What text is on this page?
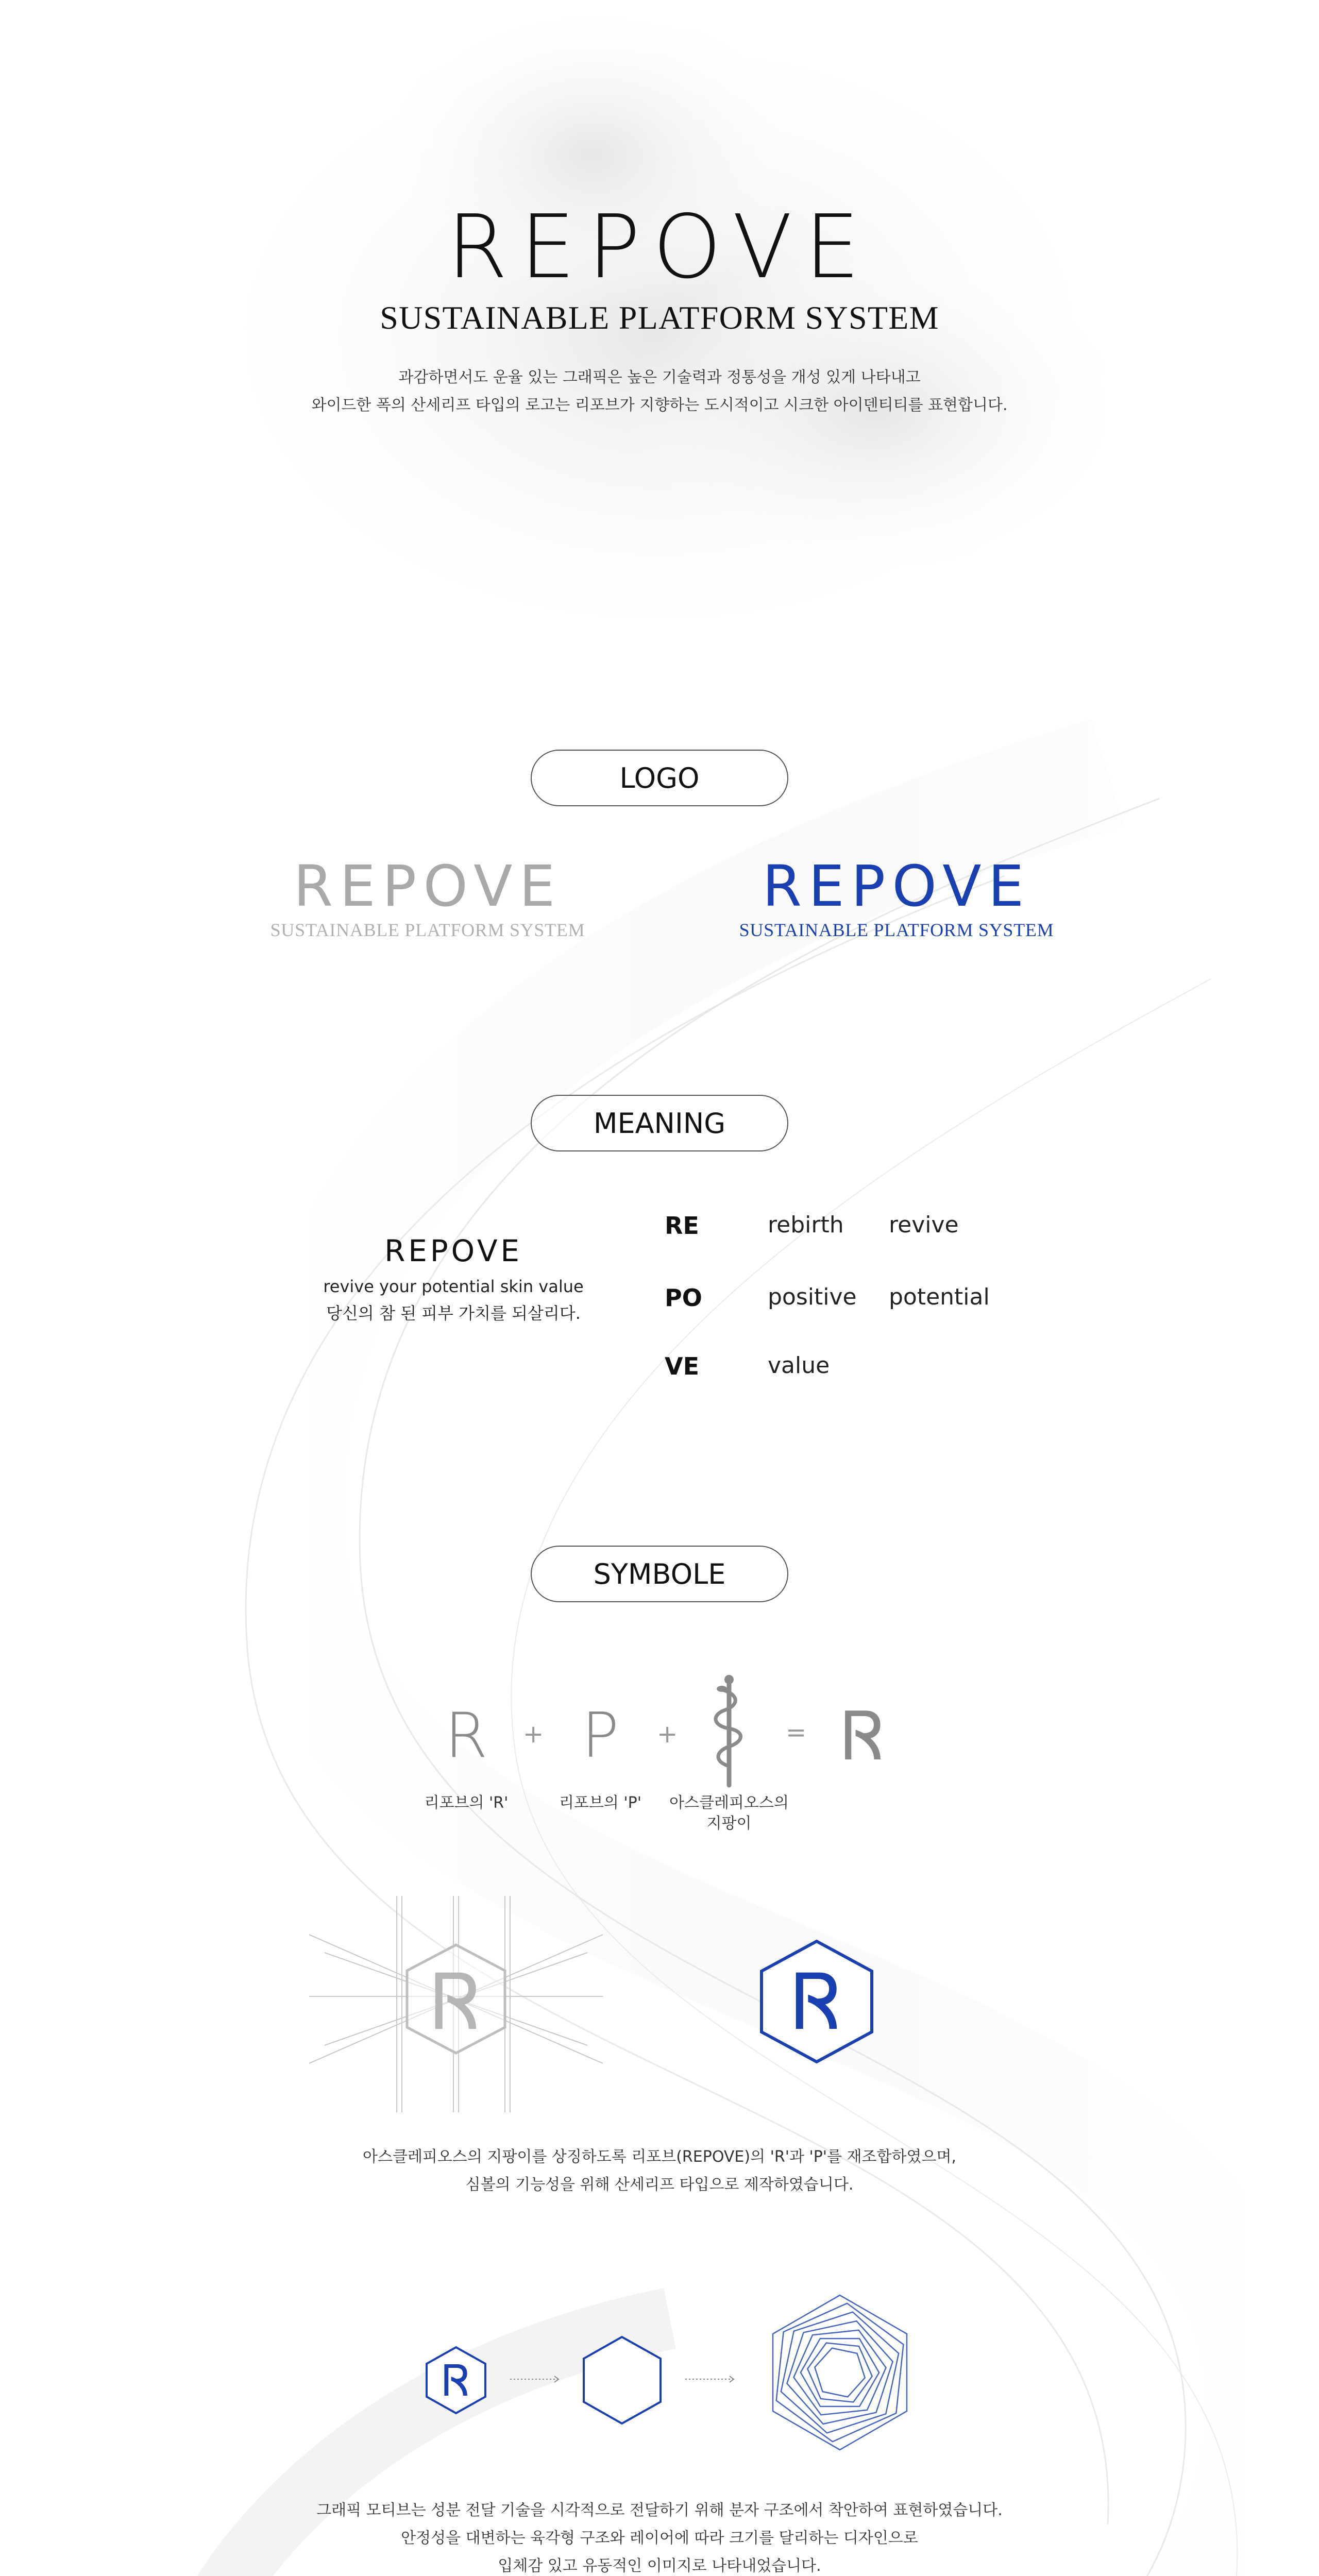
REPOVE
SUSTAINABLE PLATFORM SYSTEM
과감하면서도 운율 있는 그래픽은 높은 기술력과 정통성을 개성 있게 나타내고
와이드한 폭의 산세리프 타입의 로고는 리포브가 지향하는 도시적이고 시크한 아이덴티티를 표현합니다.
LOGO
REPOVE
SUSTAINABLE PLATFORM SYSTEM
REPOVE
SUSTAINABLE PLATFORM SYSTEM
MEANING
REPOVE
revive your potential skin value
당신의 참 된 피부 가치를 되살리다.
RE	rebirth revive
PO	positive potential
VE	value
SYMBOLE
R + P	+	= Ꮢ
리포브의 'R'	리포브의 'P'	아스클레피오스의
지팡이
Ꮢ	Ꮢ
아스클레피오스의 지팡이를 상징하도록 리포브(REPOVE)의 'R'과 'P'를 재조합하였으며,
심볼의 기능성을 위해 산세리프 타입으로 제작하였습니다.
Ꮢ
그래픽 모티브는 성분 전달 기술을 시각적으로 전달하기 위해 분자 구조에서 착안하여 표현하였습니다.
안정성을 대변하는 육각형 구조와 레이어에 따라 크기를 달리하는 디자인으로
입체감 있고 유동적인 이미지로 나타내었습니다.
